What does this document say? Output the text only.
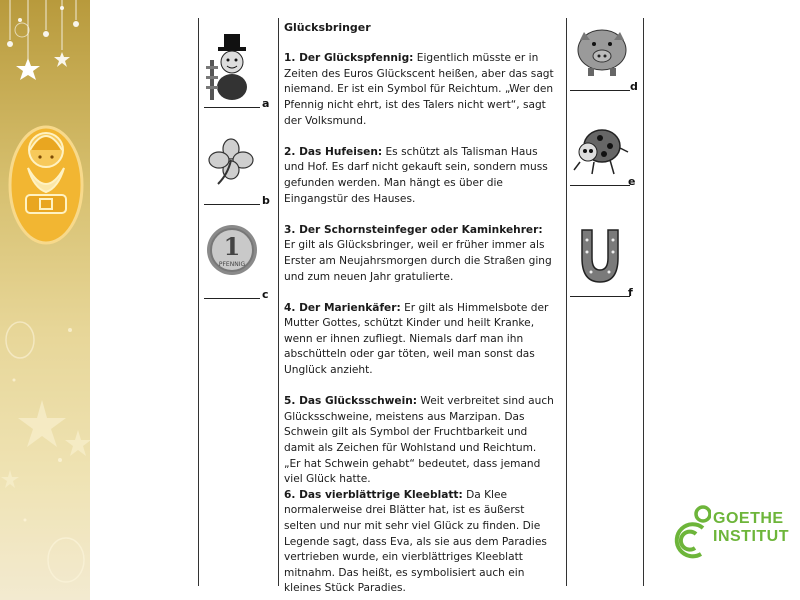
a
b
1
PFENNIG
c

Glücksbringer

1. Der Glückspfennig: Eigentlich müsste er in Zeiten des Euros Glückscent heißen, aber das sagt niemand. Er ist ein Symbol für Reichtum. „Wer den Pfennig nicht ehrt, ist des Talers nicht wert“, sagt der Volksmund.

2. Das Hufeisen: Es schützt als Talisman Haus und Hof. Es darf nicht gekauft sein, sondern muss gefunden werden. Man hängt es über die Eingangstür des Hauses.

3. Der Schornsteinfeger oder Kaminkehrer:
Er gilt als Glücksbringer, weil er früher immer als Erster am Neujahrsmorgen durch die Straßen ging und zum neuen Jahr gratulierte.

4. Der Marienkäfer: Er gilt als Himmelsbote der Mutter Gottes, schützt Kinder und heilt Kranke, wenn er ihnen zufliegt. Niemals darf man ihn abschütteln oder gar töten, weil man sonst das Unglück anzieht.

5. Das Glücksschwein: Weit verbreitet sind auch Glücksschweine, meistens aus Marzipan. Das Schwein gilt als Symbol der Fruchtbarkeit und damit als Zeichen für Wohlstand und Reichtum. „Er hat Schwein gehabt“ bedeutet, dass jemand viel Glück hatte.

6. Das vierblättrige Kleeblatt: Da Klee normalerweise drei Blätter hat, ist es äußerst selten und nur mit sehr viel Glück zu finden. Die Legende sagt, dass Eva, als sie aus dem Paradies vertrieben wurde, ein vierblättriges Kleeblatt mitnahm. Das heißt, es symbolisiert auch ein kleines Stück Paradies.

d
e
f
GOETHE
INSTITUT
